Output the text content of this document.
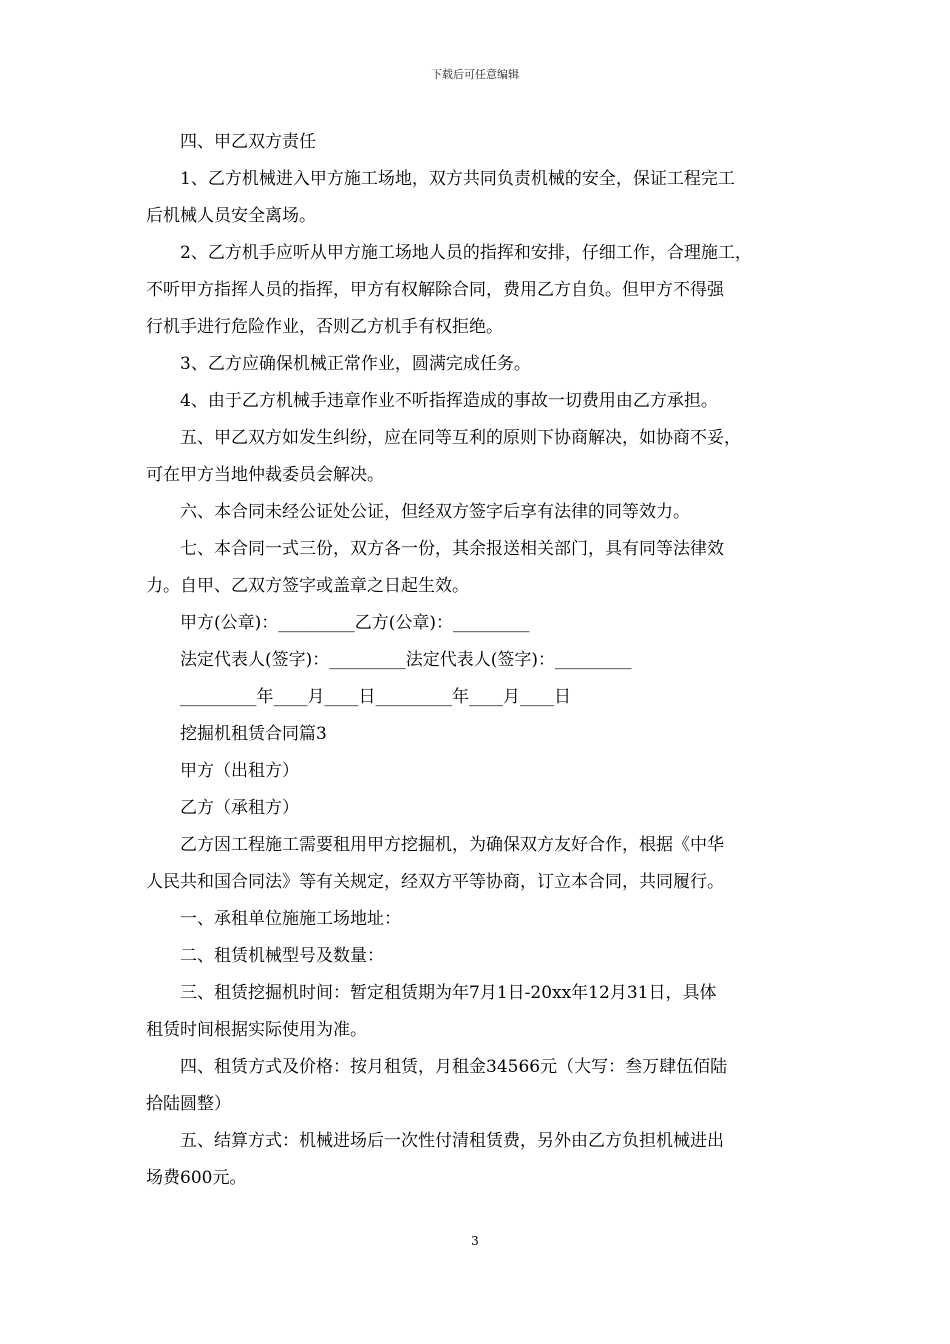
下载后可任意编辑

四、甲乙双方责任

1、乙方机械进入甲方施工场地，双方共同负责机械的安全，保证工程完工

后机械人员安全离场。

2、乙方机手应听从甲方施工场地人员的指挥和安排，仔细工作，合理施工，

不听甲方指挥人员的指挥，甲方有权解除合同，费用乙方自负。但甲方不得强

行机手进行危险作业，否则乙方机手有权拒绝。

3、乙方应确保机械正常作业，圆满完成任务。

4、由于乙方机械手违章作业不听指挥造成的事故一切费用由乙方承担。

五、甲乙双方如发生纠纷，应在同等互利的原则下协商解决，如协商不妥，

可在甲方当地仲裁委员会解决。

六、本合同未经公证处公证，但经双方签字后享有法律的同等效力。

七、本合同一式三份，双方各一份，其余报送相关部门，具有同等法律效

力。自甲、乙双方签字或盖章之日起生效。

甲方(公章)：_________乙方(公章)：_________

法定代表人(签字)：_________法定代表人(签字)：_________

_________年____月____日_________年____月____日

挖掘机租赁合同篇3

甲方（出租方）

乙方（承租方）

乙方因工程施工需要租用甲方挖掘机，为确保双方友好合作，根据《中华

人民共和国合同法》等有关规定，经双方平等协商，订立本合同，共同履行。

一、承租单位施施工场地址：

二、租赁机械型号及数量：

三、租赁挖掘机时间：暂定租赁期为年7月1日-20xx年12月31日，具体

租赁时间根据实际使用为准。

四、租赁方式及价格：按月租赁，月租金34566元（大写：叁万肆伍佰陆

拾陆圆整）

五、结算方式：机械进场后一次性付清租赁费，另外由乙方负担机械进出

场费600元。

3
